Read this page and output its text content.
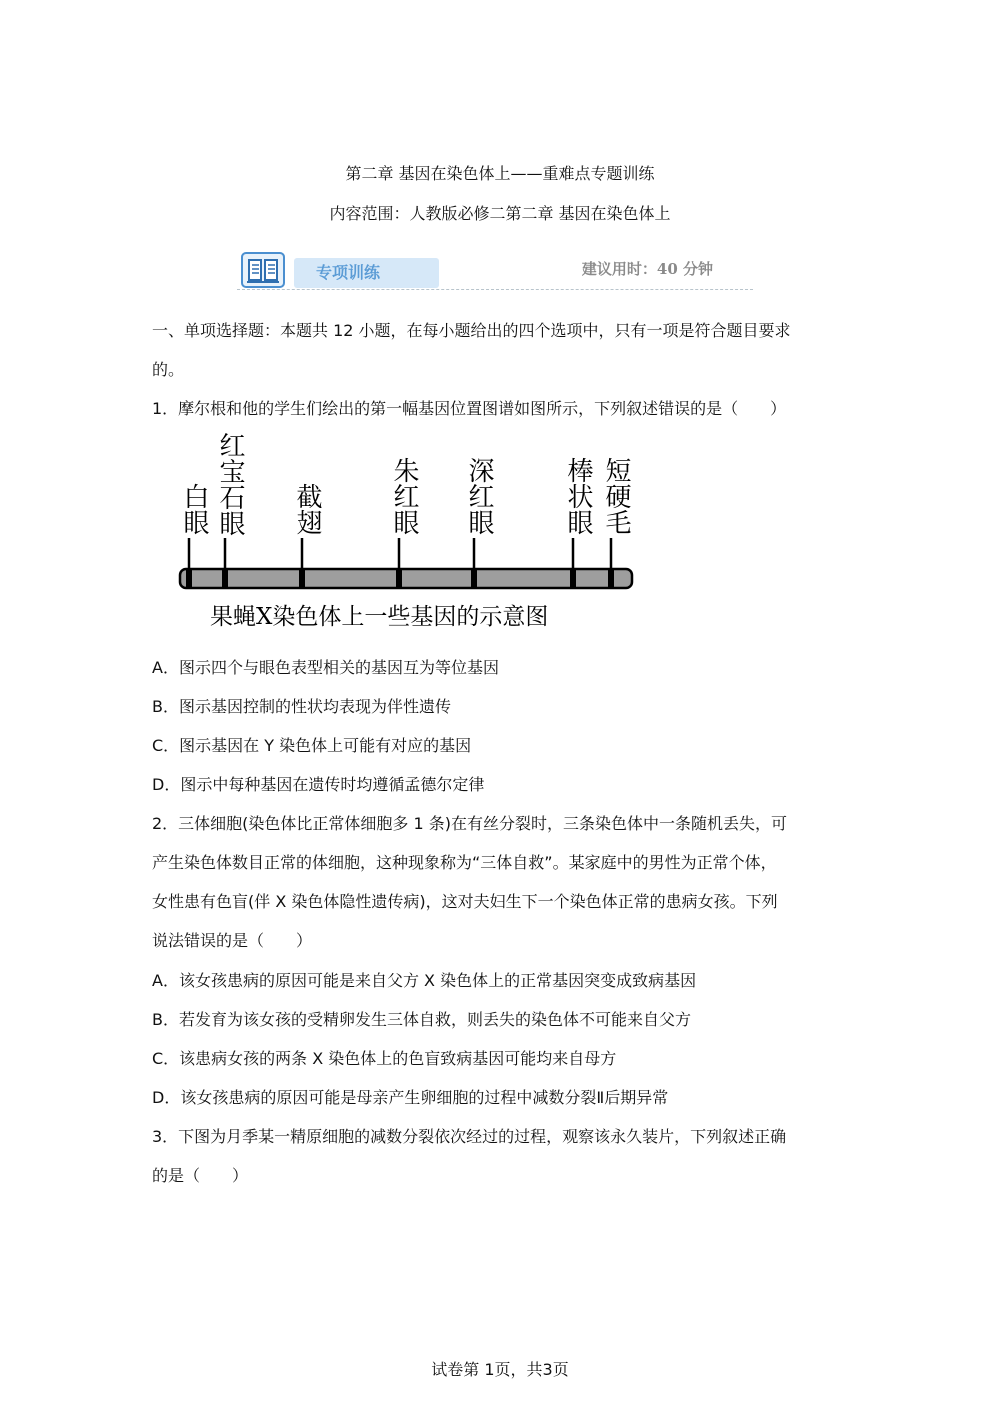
第二章 基因在染色体上——重难点专题训练
内容范围：人教版必修二第二章 基因在染色体上
专项训练	建议用时：40 分钟
一、单项选择题：本题共 12 小题，在每小题给出的四个选项中，只有一项是符合题目要求
的。
1．摩尔根和他的学生们绘出的第一幅基因位置图谱如图所示，下列叙述错误的是（　　）
白眼 红宝石眼	截翅	朱红眼	深红眼	棒状眼 短硬毛
果蝇X染色体上一些基因的示意图
A．图示四个与眼色表型相关的基因互为等位基因
B．图示基因控制的性状均表现为伴性遗传
C．图示基因在 Y 染色体上可能有对应的基因
D．图示中每种基因在遗传时均遵循孟德尔定律
2．三体细胞(染色体比正常体细胞多 1 条)在有丝分裂时，三条染色体中一条随机丢失，可
产生染色体数目正常的体细胞，这种现象称为“三体自救”。某家庭中的男性为正常个体，
女性患有色盲(伴 X 染色体隐性遗传病)，这对夫妇生下一个染色体正常的患病女孩。下列
说法错误的是（　　）
A．该女孩患病的原因可能是来自父方 X 染色体上的正常基因突变成致病基因
B．若发育为该女孩的受精卵发生三体自救，则丢失的染色体不可能来自父方
C．该患病女孩的两条 X 染色体上的色盲致病基因可能均来自母方
D．该女孩患病的原因可能是母亲产生卵细胞的过程中减数分裂Ⅱ后期异常
3．下图为月季某一精原细胞的减数分裂依次经过的过程，观察该永久装片，下列叙述正确
的是（　　）
试卷第 1页，共3页
